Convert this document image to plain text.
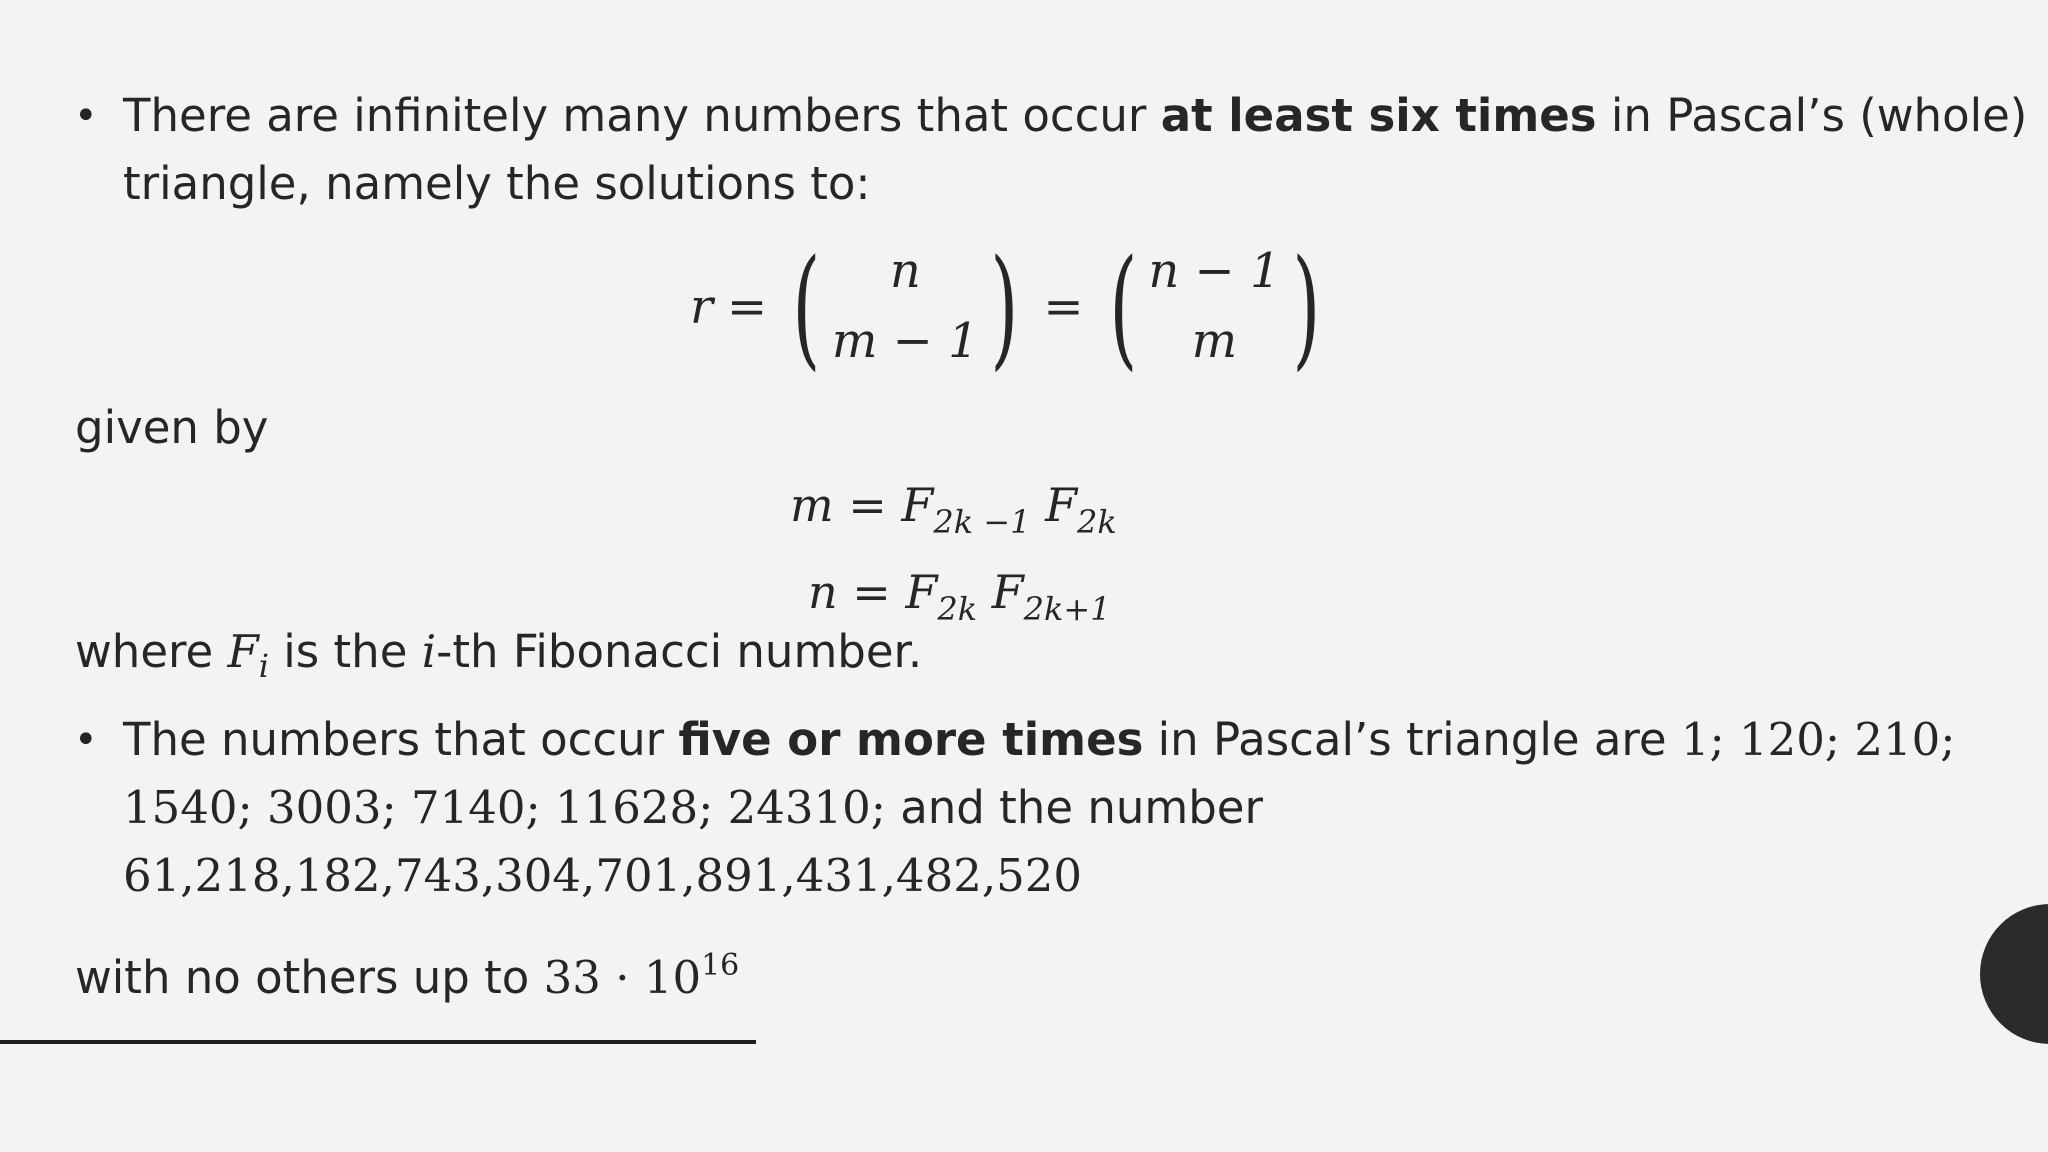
• There are infinitely many numbers that occur at least six times in Pascal’s (whole)
triangle, namely the solutions to:
r = ( n
m − 1 ) = ( n − 1
m )
given by
$m = F_{2k -1}$ $F_{2k}$
$n = F_{2k}$ $F_{2k+1}$
where $F_i$ is the i-th Fibonacci number.
• The numbers that occur five or more times in Pascal’s triangle are 1; 120; 210;
1540; 3003; 7140; 11628; 24310; and the number
61,218,182,743,304,701,891,431,482,520
with no others up to $33 \cdot 10^{16}$
